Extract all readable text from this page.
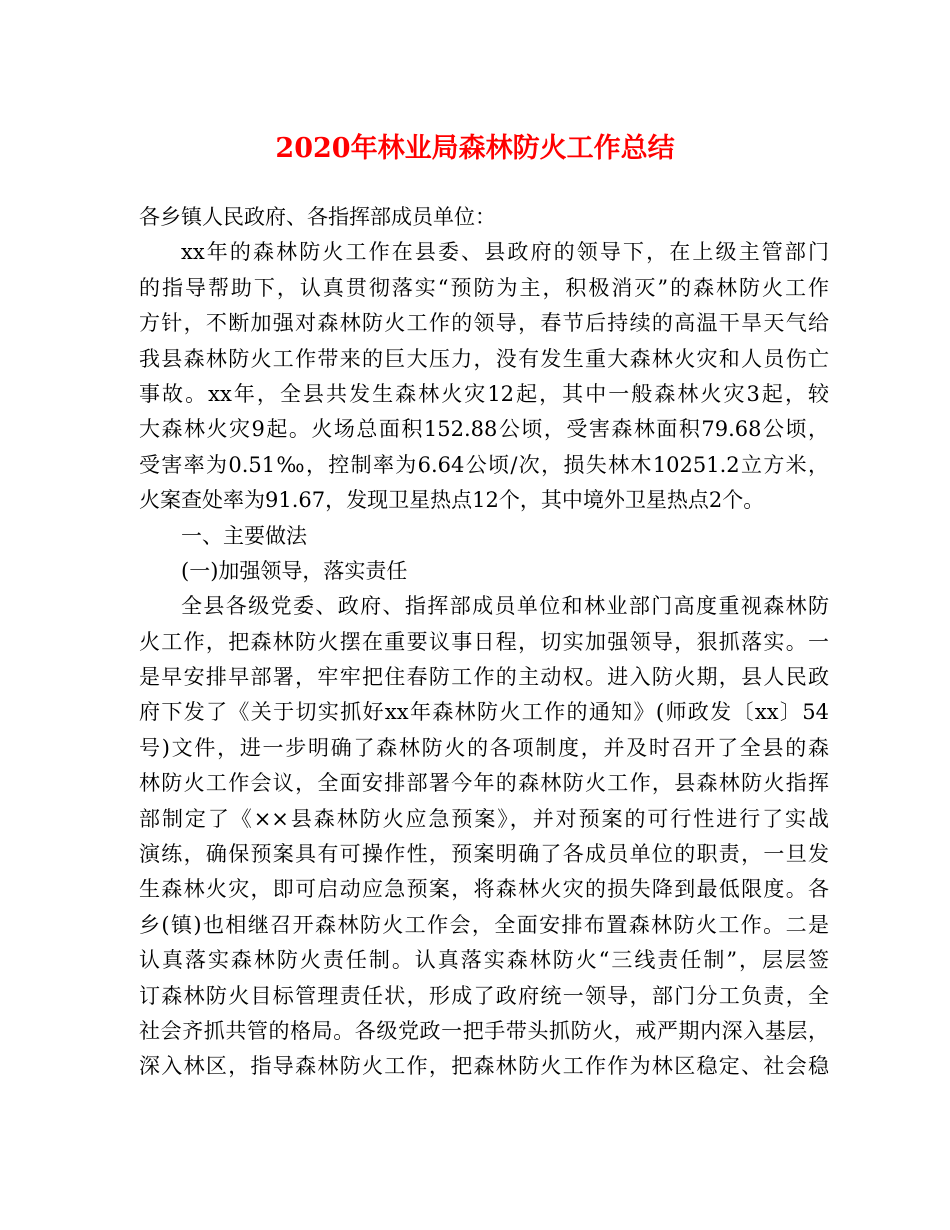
2020年林业局森林防火工作总结
各乡镇人民政府、各指挥部成员单位：
xx年的森林防火工作在县委、县政府的领导下，在上级主管部门
的指导帮助下，认真贯彻落实“预防为主，积极消灭”的森林防火工作
方针，不断加强对森林防火工作的领导，春节后持续的高温干旱天气给
我县森林防火工作带来的巨大压力，没有发生重大森林火灾和人员伤亡
事故。xx年，全县共发生森林火灾12起，其中一般森林火灾3起，较
大森林火灾9起。火场总面积152.88公顷，受害森林面积79.68公顷，
受害率为0.51‰，控制率为6.64公顷/次，损失林木10251.2立方米，
火案查处率为91.67，发现卫星热点12个，其中境外卫星热点2个。
一、主要做法
(一)加强领导，落实责任
全县各级党委、政府、指挥部成员单位和林业部门高度重视森林防
火工作，把森林防火摆在重要议事日程，切实加强领导，狠抓落实。一
是早安排早部署，牢牢把住春防工作的主动权。进入防火期，县人民政
府下发了《关于切实抓好xx年森林防火工作的通知》(师政发〔xx〕54
号)文件，进一步明确了森林防火的各项制度，并及时召开了全县的森
林防火工作会议，全面安排部署今年的森林防火工作，县森林防火指挥
部制定了《××县森林防火应急预案》，并对预案的可行性进行了实战
演练，确保预案具有可操作性，预案明确了各成员单位的职责，一旦发
生森林火灾，即可启动应急预案，将森林火灾的损失降到最低限度。各
乡(镇)也相继召开森林防火工作会，全面安排布置森林防火工作。二是
认真落实森林防火责任制。认真落实森林防火“三线责任制”，层层签
订森林防火目标管理责任状，形成了政府统一领导，部门分工负责，全
社会齐抓共管的格局。各级党政一把手带头抓防火，戒严期内深入基层，
深入林区，指导森林防火工作，把森林防火工作作为林区稳定、社会稳
